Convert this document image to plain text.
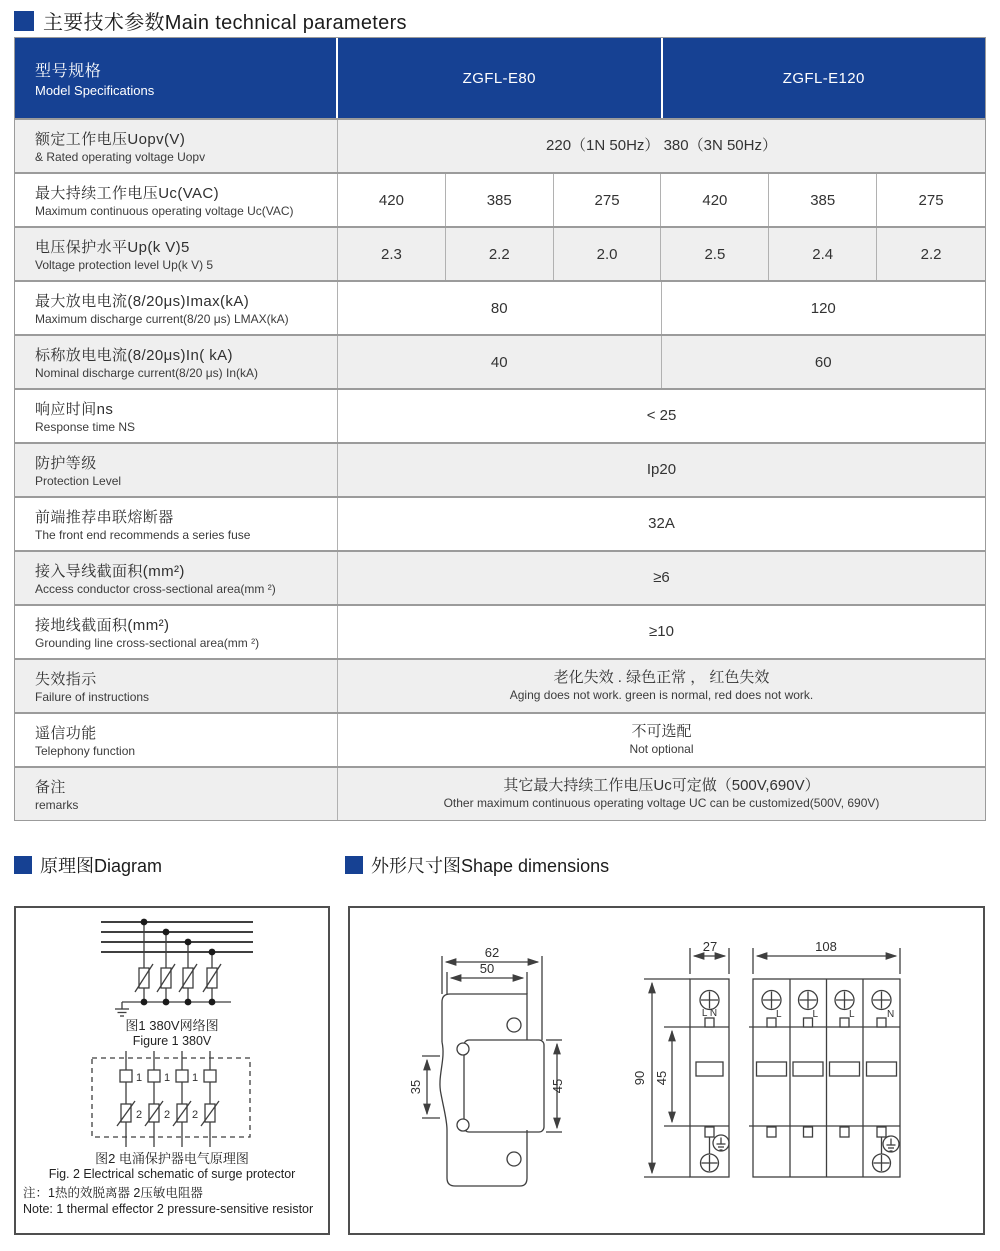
主要技术参数Main technical parameters
型号规格
Model Specifications
ZGFL-E80	ZGFL-E120
额定工作电压Uopv(V)
& Rated operating voltage Uopv
220（1N 50Hz） 380（3N 50Hz）
最大持续工作电压Uc(VAC)
Maximum continuous operating voltage Uc(VAC)
420	385	275	420	385	275
电压保护水平Up(k V)5
Voltage protection level Up(k V) 5
2.3	2.2	2.0	2.5	2.4	2.2
最大放电电流(8/20μs)Imax(kA)
Maximum discharge current(8/20 μs) LMAX(kA)
80	120
标称放电电流(8/20μs)In( kA)
Nominal discharge current(8/20 μs) In(kA)
40	60
响应时间ns
Response time NS
< 25
防护等级
Protection Level
Ip20
前端推荐串联熔断器
The front end recommends a series fuse
32A
接入导线截面积(mm²)
Access conductor cross-sectional area(mm ²)
≥6
接地线截面积(mm²)
Grounding line cross-sectional area(mm ²)
≥10
失效指示
Failure of instructions
老化失效 . 绿色正常 ， 红色失效
Aging does not work. green is normal, red does not work.
遥信功能
Telephony function
不可选配
Not optional
备注
remarks
其它最大持续工作电压Uc可定做（500V,690V）
Other maximum continuous operating voltage UC can be customized(500V, 690V)
原理图Diagram	外形尺寸图Shape dimensions
图1 380V网络图
Figure 1 380V
1 1 1
2 2 2
图2 电涌保护器电气原理图
Fig. 2 Electrical schematic of surge protector
注：1热的效脱离器 2压敏电阻器
Note: 1 thermal effector 2 pressure-sensitive resistor
62
50
35	45
27
90 45
L N
108
L	L	L	N
